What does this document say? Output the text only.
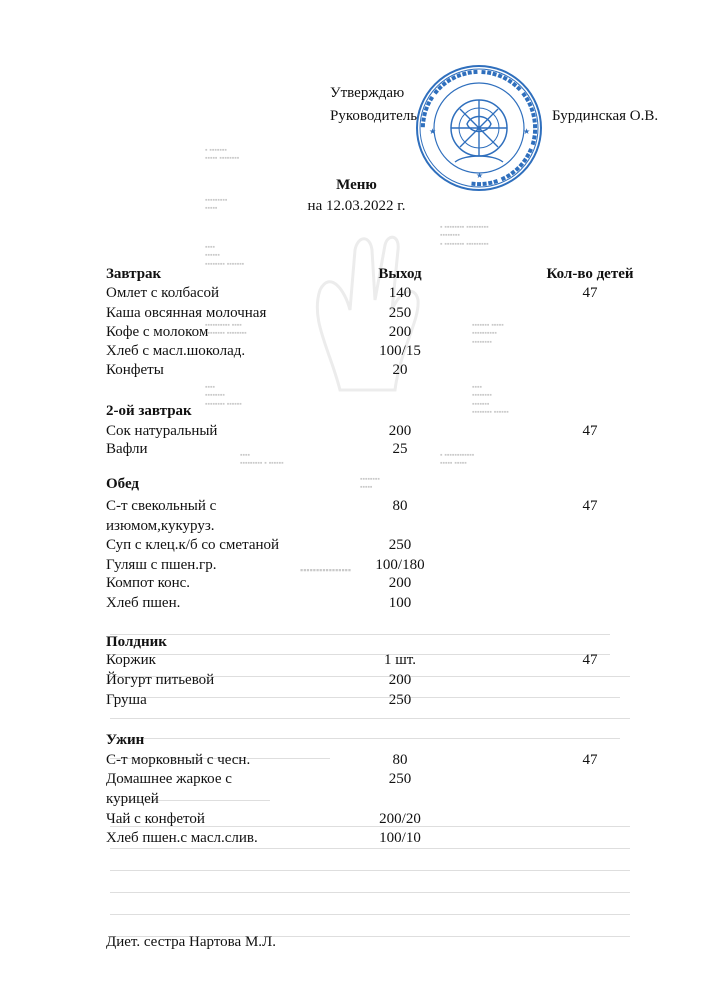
▪ ▪▪▪▪▪▪▪
▪▪▪▪▪ ▪▪▪▪▪▪▪▪
▪▪▪▪▪▪▪▪▪
▪▪▪▪▪
▪▪▪▪
▪▪▪▪▪▪
▪▪▪▪▪▪▪▪ ▪▪▪▪▪▪▪
▪ ▪▪▪▪▪▪▪▪ ▪▪▪▪▪▪▪▪▪
▪▪▪▪▪▪▪▪
▪ ▪▪▪▪▪▪▪▪ ▪▪▪▪▪▪▪▪▪
▪▪▪▪▪▪▪▪▪▪ ▪▪▪▪
▪▪▪▪▪▪▪▪ ▪▪▪▪▪▪▪▪
▪▪▪▪▪▪▪ ▪▪▪▪▪
▪▪▪▪▪▪▪▪▪▪
▪▪▪▪▪▪▪▪
▪▪▪▪
▪▪▪▪▪▪▪▪
▪▪▪▪▪▪▪▪ ▪▪▪▪▪▪
▪▪▪▪
▪▪▪▪▪▪▪▪
▪▪▪▪▪▪▪
▪▪▪▪▪▪▪▪ ▪▪▪▪▪▪
▪▪▪▪
▪▪▪▪▪▪▪▪▪ ▪ ▪▪▪▪▪▪
▪ ▪▪▪▪▪▪▪▪▪▪▪▪
▪▪▪▪▪ ▪▪▪▪▪
▪▪▪▪▪▪▪▪
▪▪▪▪▪
▪▪▪▪▪▪▪▪▪▪▪▪▪▪▪▪
Утверждаю
Руководитель	Бурдинская О.В.
▪▪▪▪▪▪ ▪▪▪▪▪▪▪▪▪ ▪▪▪▪▪▪▪▪ ▪▪▪▪▪▪▪▪▪▪ ▪▪▪▪▪▪▪▪ ▪▪▪▪▪
★	★
★
Меню
на 12.03.2022 г.
Завтрак	Выход	Кол-во детей
Омлет с колбасой	140	47
Каша овсянная молочная	250
Кофе с молоком	200
Хлеб с масл.шоколад.	100/15
Конфеты	20
2-ой завтрак
Сок натуральный	200	47
Вафли	25
Обед
С-т свекольный с	80	47
изюмом,кукуруз.
Суп с клец.к/б со сметаной	250
Гуляш с пшен.гр.	100/180
Компот конс.	200
Хлеб пшен.	100
Полдник
Коржик	1 шт.	47
Йогурт питьевой	200
Груша	250
Ужин
С-т морковный с чесн.	80	47
Домашнее жаркое с	250
курицей
Чай с конфетой	200/20
Хлеб пшен.с масл.слив.	100/10
Диет. сестра Нартова М.Л.
